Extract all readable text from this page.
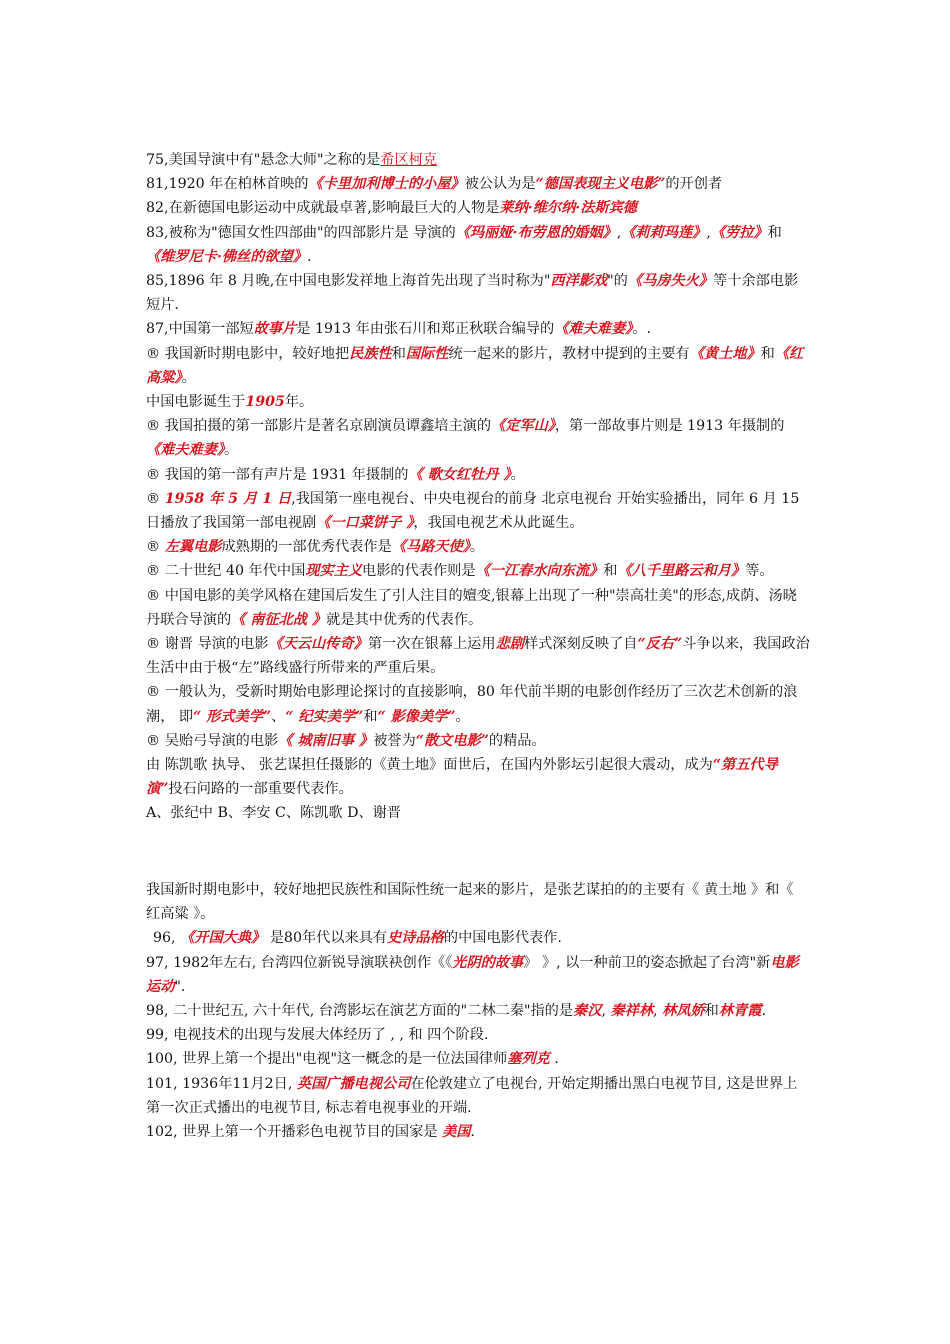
75,美国导演中有"悬念大师"之称的是希区柯克

81,1920 年在柏林首映的《卡里加利博士的小屋》被公认为是“德国表现主义电影”的开创者

82,在新德国电影运动中成就最卓著,影响最巨大的人物是莱纳·维尔纳·法斯宾德

83,被称为"德国女性四部曲"的四部影片是 导演的《玛丽娅·布劳恩的婚姻》,《莉莉玛莲》,《劳拉》和《维罗尼卡·佛丝的欲望》.

85,1896 年 8 月晚,在中国电影发祥地上海首先出现了当时称为"西洋影戏"的《马房失火》等十余部电影短片.

87,中国第一部短故事片是 1913 年由张石川和郑正秋联合编导的《难夫难妻》。.

® 我国新时期电影中，较好地把民族性和国际性统一起来的影片，教材中提到的主要有《黄土地》和《红高粱》。

中国电影诞生于1905年。

® 我国拍摄的第一部影片是著名京剧演员谭鑫培主演的《定军山》，第一部故事片则是 1913 年摄制的《难夫难妻》。

® 我国的第一部有声片是 1931 年摄制的《 歌女红牡丹 》。

® 1958 年 5 月 1 日,我国第一座电视台、中央电视台的前身 北京电视台 开始实验播出，同年 6 月 15 日播放了我国第一部电视剧《一口菜饼子 》，我国电视艺术从此诞生。

® 左翼电影成熟期的一部优秀代表作是《马路天使》。

® 二十世纪 40 年代中国现实主义电影的代表作则是《一江春水向东流》和《八千里路云和月》等。

® 中国电影的美学风格在建国后发生了引人注目的嬗变,银幕上出现了一种"崇高壮美"的形态,成荫、汤晓丹联合导演的《 南征北战 》就是其中优秀的代表作。

® 谢晋 导演的电影《天云山传奇》第一次在银幕上运用悲剧样式深刻反映了自“反右”斗争以来，我国政治生活中由于极“左”路线盛行所带来的严重后果。

® 一般认为，受新时期始电影理论探讨的直接影响，80 年代前半期的电影创作经历了三次艺术创新的浪潮， 即“ 形式美学”、“ 纪实美学”和“ 影像美学”。

® 吴贻弓导演的电影《 城南旧事 》被誉为“散文电影”的精品。

由 陈凯歌 执导、 张艺谋担任摄影的《黄土地》面世后，在国内外影坛引起很大震动，成为“第五代导演”投石问路的一部重要代表作。

A、张纪中 B、李安 C、陈凯歌 D、谢晋

我国新时期电影中，较好地把民族性和国际性统一起来的影片，是张艺谋拍的的主要有《 黄土地 》和《 红高粱 》。

96, 《开国大典》 是80年代以来具有史诗品格的中国电影代表作.

97, 1982年左右, 台湾四位新锐导演联袂创作《《光阴的故事》 》, 以一种前卫的姿态掀起了台湾"新电影运动".

98, 二十世纪五, 六十年代, 台湾影坛在演艺方面的"二林二秦"指的是秦汉, 秦祥林, 林凤娇和林青霞.

99, 电视技术的出现与发展大体经历了 , , 和 四个阶段.

100, 世界上第一个提出"电视"这一概念的是一位法国律师塞列克 .

101, 1936年11月2日, 英国广播电视公司在伦敦建立了电视台, 开始定期播出黑白电视节目, 这是世界上第一次正式播出的电视节目, 标志着电视事业的开端.

102, 世界上第一个开播彩色电视节目的国家是 美国.
